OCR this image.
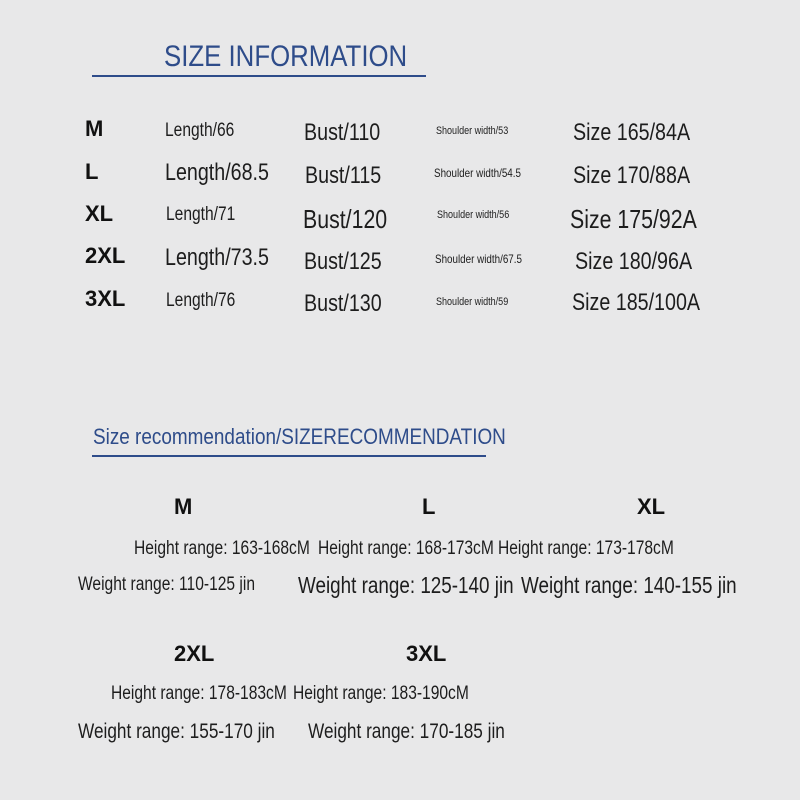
SIZE INFORMATION
M	Length/66	Bust/110	Shoulder width/53	Size 165/84A
L	Length/68.5 Bust/115	Shoulder width/54.5 Size 170/88A
XL	Length/71	Bust/120	Shoulder width/56 Size 175/92A
2XL Length/73.5 Bust/125	Shoulder width/67.5 Size 180/96A
3XL Length/76	Bust/130	Shoulder width/59	Size 185/100A
Size recommendation/SIZERECOMMENDATION
M	L	XL
Height range: 163-168cM Height range: 168-173cM Height range: 173-178cM
Weight range: 110-125 jin Weight range: 125-140 jin Weight range: 140-155 jin
2XL	3XL
Height range: 178-183cM Height range: 183-190cM
Weight range: 155-170 jin Weight range: 170-185 jin
